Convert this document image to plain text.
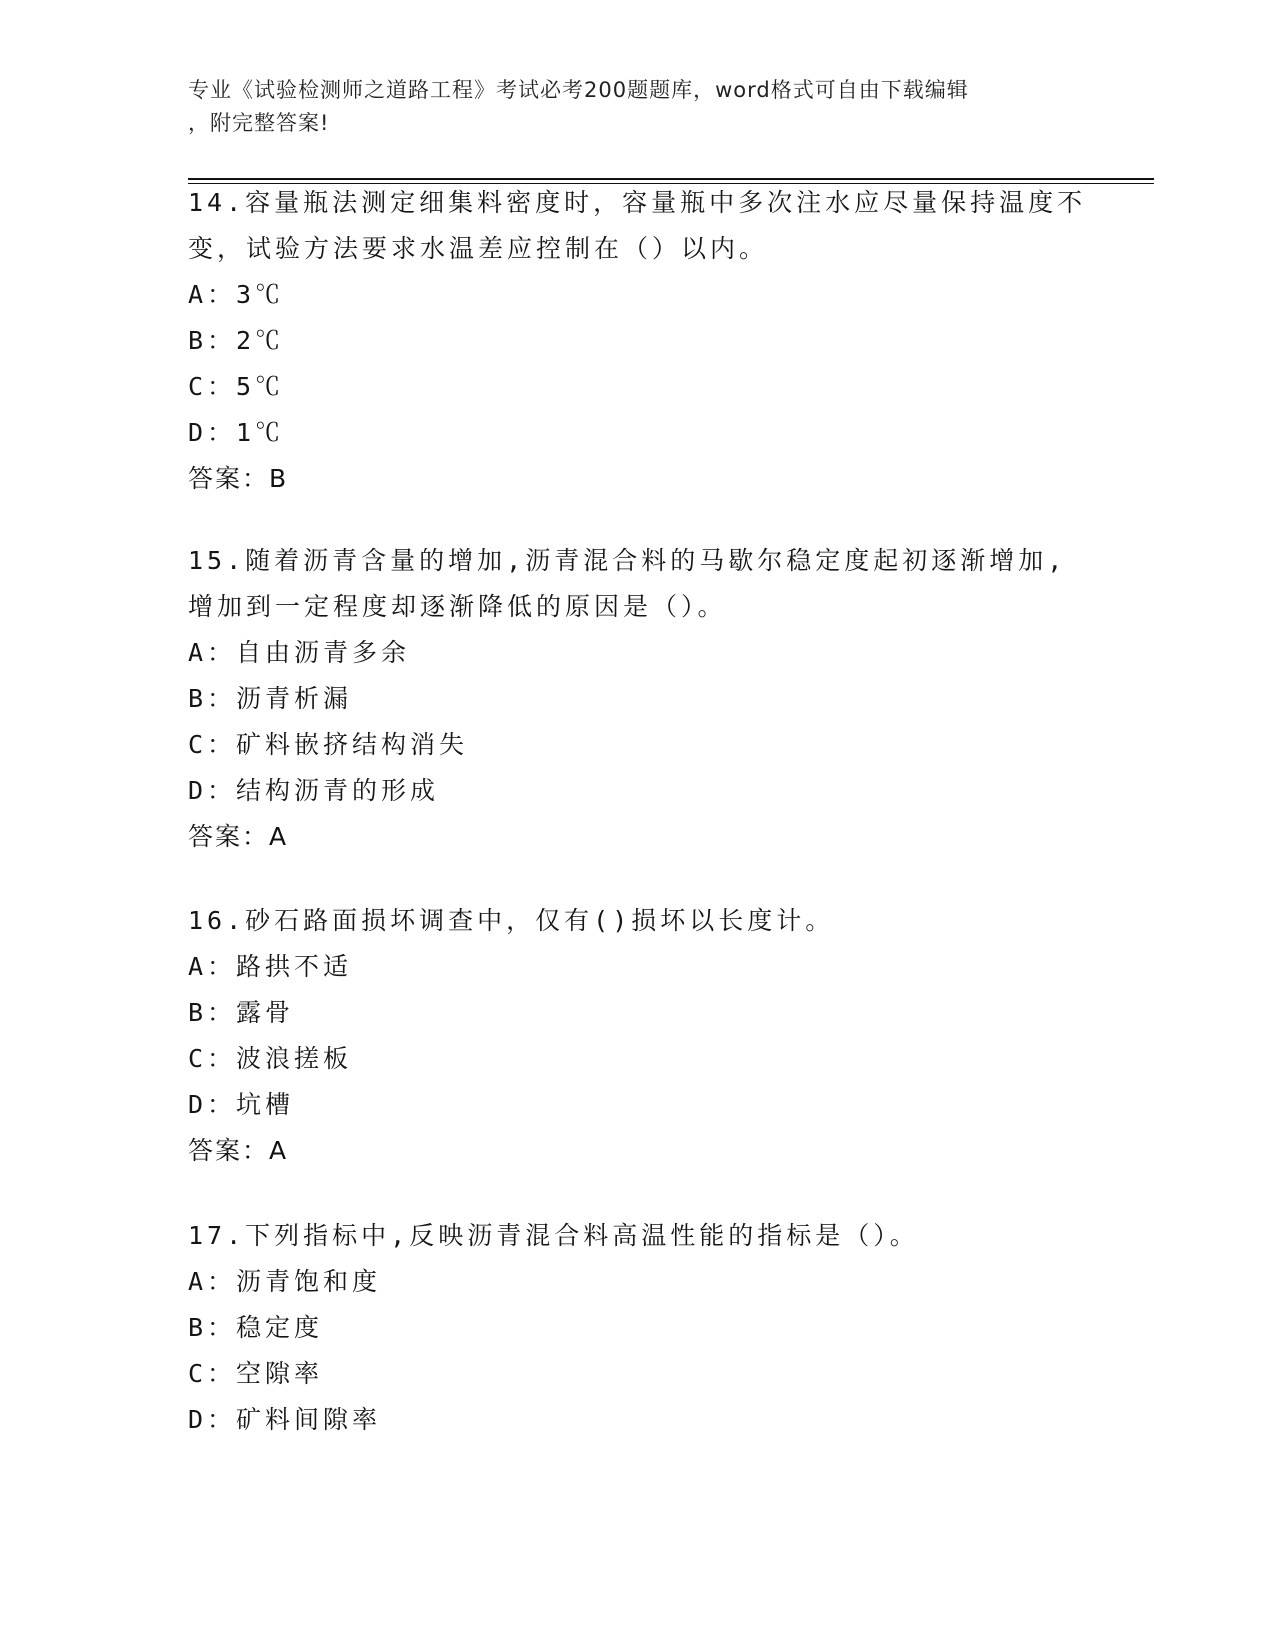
专业《试验检测师之道路工程》考试必考200题题库，word格式可自由下载编辑
，附完整答案!

14.容量瓶法测定细集料密度时，容量瓶中多次注水应尽量保持温度不变，试验方法要求水温差应控制在（）以内。

A：3℃
B：2℃
C：5℃
D：1℃
答案：B

15.随着沥青含量的增加,沥青混合料的马歇尔稳定度起初逐渐增加,增加到一定程度却逐渐降低的原因是（）。

A：自由沥青多余
B：沥青析漏
C：矿料嵌挤结构消失
D：结构沥青的形成
答案：A

16.砂石路面损坏调查中，仅有()损坏以长度计。

A：路拱不适
B：露骨
C：波浪搓板
D：坑槽
答案：A

17.下列指标中,反映沥青混合料高温性能的指标是（）。

A：沥青饱和度
B：稳定度
C：空隙率
D：矿料间隙率
